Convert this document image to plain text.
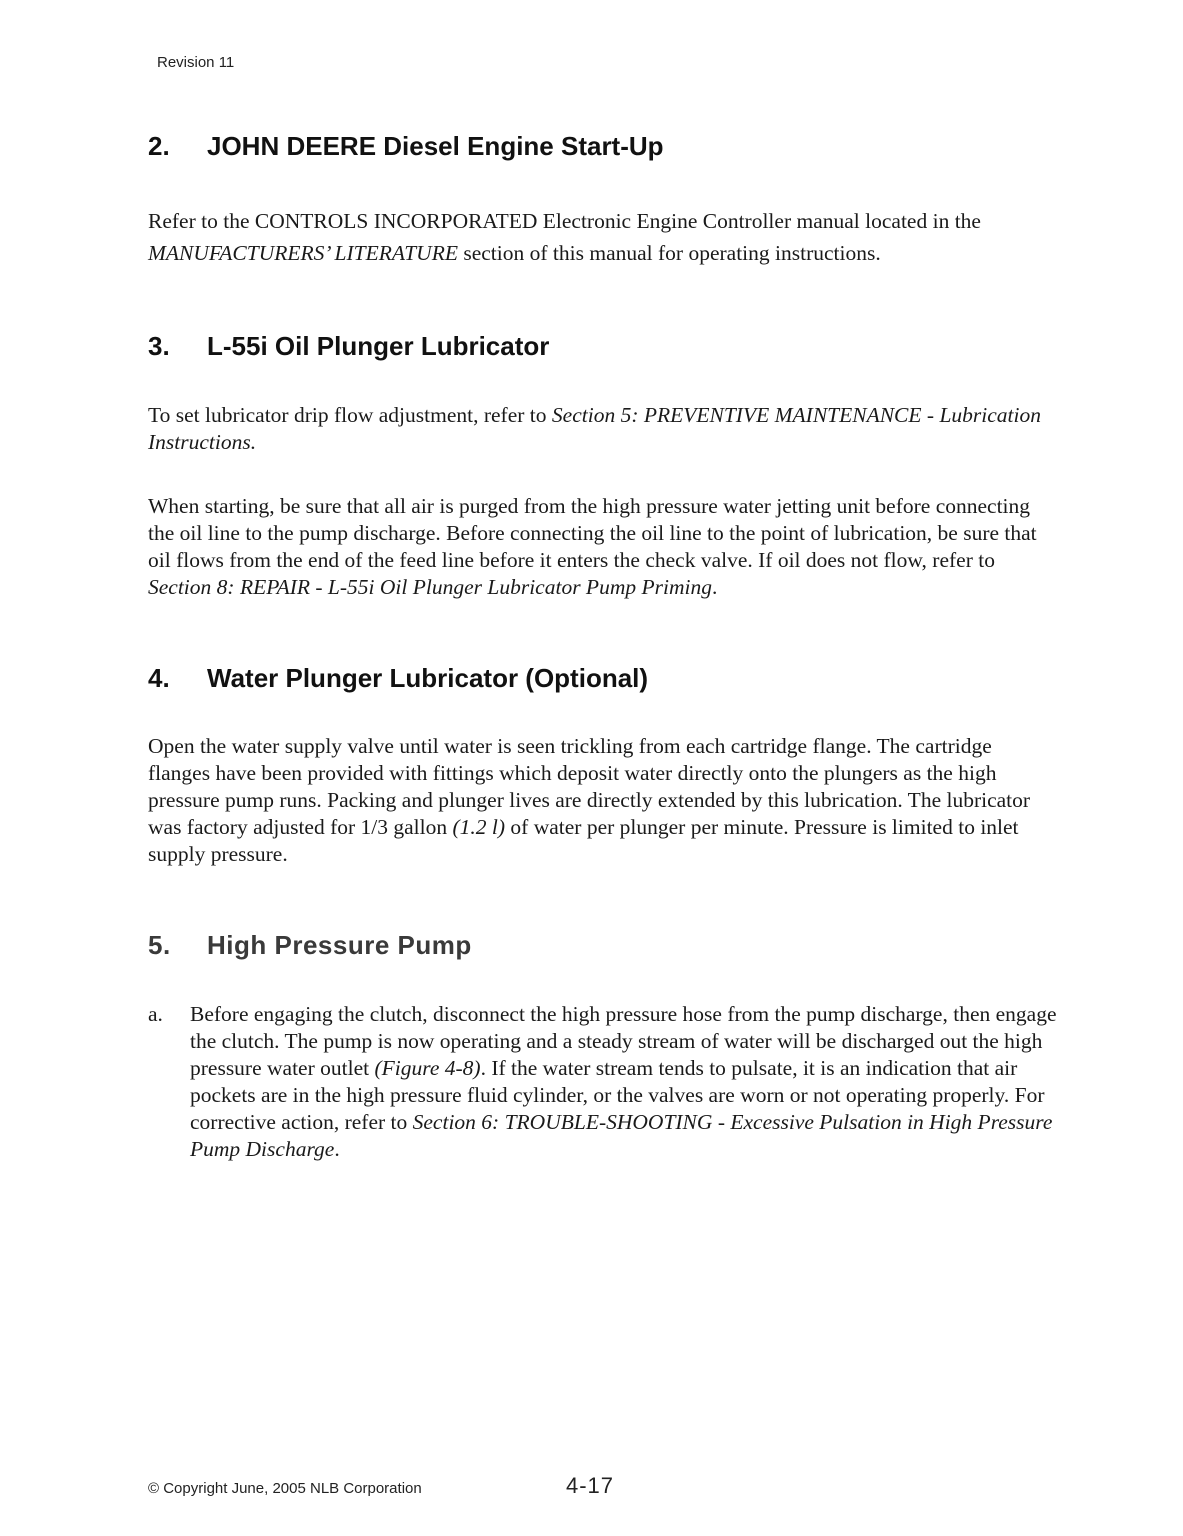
Revision 11
2. JOHN DEERE Diesel Engine Start-Up
Refer to the CONTROLS INCORPORATED Electronic Engine Controller manual located in the MANUFACTURERS’ LITERATURE section of this manual for operating instructions.
3. L-55i Oil Plunger Lubricator
To set lubricator drip flow adjustment, refer to Section 5: PREVENTIVE MAINTENANCE - Lubrication Instructions.
When starting, be sure that all air is purged from the high pressure water jetting unit before connecting the oil line to the pump discharge. Before connecting the oil line to the point of lubrication, be sure that oil flows from the end of the feed line before it enters the check valve. If oil does not flow, refer to Section 8: REPAIR - L-55i Oil Plunger Lubricator Pump Priming.
4. Water Plunger Lubricator (Optional)
Open the water supply valve until water is seen trickling from each cartridge flange. The cartridge flanges have been provided with fittings which deposit water directly onto the plungers as the high pressure pump runs. Packing and plunger lives are directly extended by this lubrication. The lubricator was factory adjusted for 1/3 gallon (1.2 l) of water per plunger per minute. Pressure is limited to inlet supply pressure.
5. High Pressure Pump
a. Before engaging the clutch, disconnect the high pressure hose from the pump discharge, then engage the clutch. The pump is now operating and a steady stream of water will be discharged out the high pressure water outlet (Figure 4-8). If the water stream tends to pulsate, it is an indication that air pockets are in the high pressure fluid cylinder, or the valves are worn or not operating properly. For corrective action, refer to Section 6: TROUBLE-SHOOTING - Excessive Pulsation in High Pressure Pump Discharge.
© Copyright June, 2005 NLB Corporation	4-17
